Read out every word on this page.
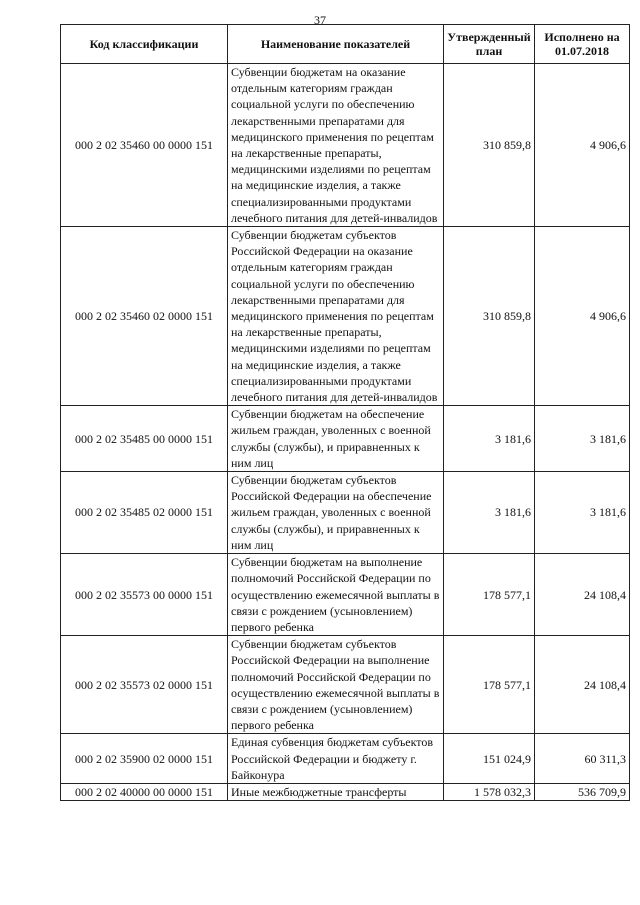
37
Код классификации	Наименование показателей	Утвержденный план	Исполнено на 01.07.2018
000 2 02 35460 00 0000 151	Субвенции бюджетам на оказание отдельным категориям граждан социальной услуги по обеспечению лекарственными препаратами для медицинского применения по рецептам на лекарственные препараты, медицинскими изделиями по рецептам на медицинские изделия, а также специализированными продуктами лечебного питания для детей-инвалидов	310 859,8	4 906,6
000 2 02 35460 02 0000 151	Субвенции бюджетам субъектов Российской Федерации на оказание отдельным категориям граждан социальной услуги по обеспечению лекарственными препаратами для медицинского применения по рецептам на лекарственные препараты, медицинскими изделиями по рецептам на медицинские изделия, а также специализированными продуктами лечебного питания для детей-инвалидов	310 859,8	4 906,6
000 2 02 35485 00 0000 151	Субвенции бюджетам на обеспечение жильем граждан, уволенных с военной службы (службы), и приравненных к ним лиц	3 181,6	3 181,6
000 2 02 35485 02 0000 151	Субвенции бюджетам субъектов Российской Федерации на обеспечение жильем граждан, уволенных с военной службы (службы), и приравненных к ним лиц	3 181,6	3 181,6
000 2 02 35573 00 0000 151	Субвенции бюджетам на выполнение полномочий Российской Федерации по осуществлению ежемесячной выплаты в связи с рождением (усыновлением) первого ребенка	178 577,1	24 108,4
000 2 02 35573 02 0000 151	Субвенции бюджетам субъектов Российской Федерации на выполнение полномочий Российской Федерации по осуществлению ежемесячной выплаты в связи с рождением (усыновлением) первого ребенка	178 577,1	24 108,4
000 2 02 35900 02 0000 151	Единая субвенция бюджетам субъектов Российской Федерации и бюджету г. Байконура	151 024,9	60 311,3
000 2 02 40000 00 0000 151	Иные межбюджетные трансферты	1 578 032,3	536 709,9
